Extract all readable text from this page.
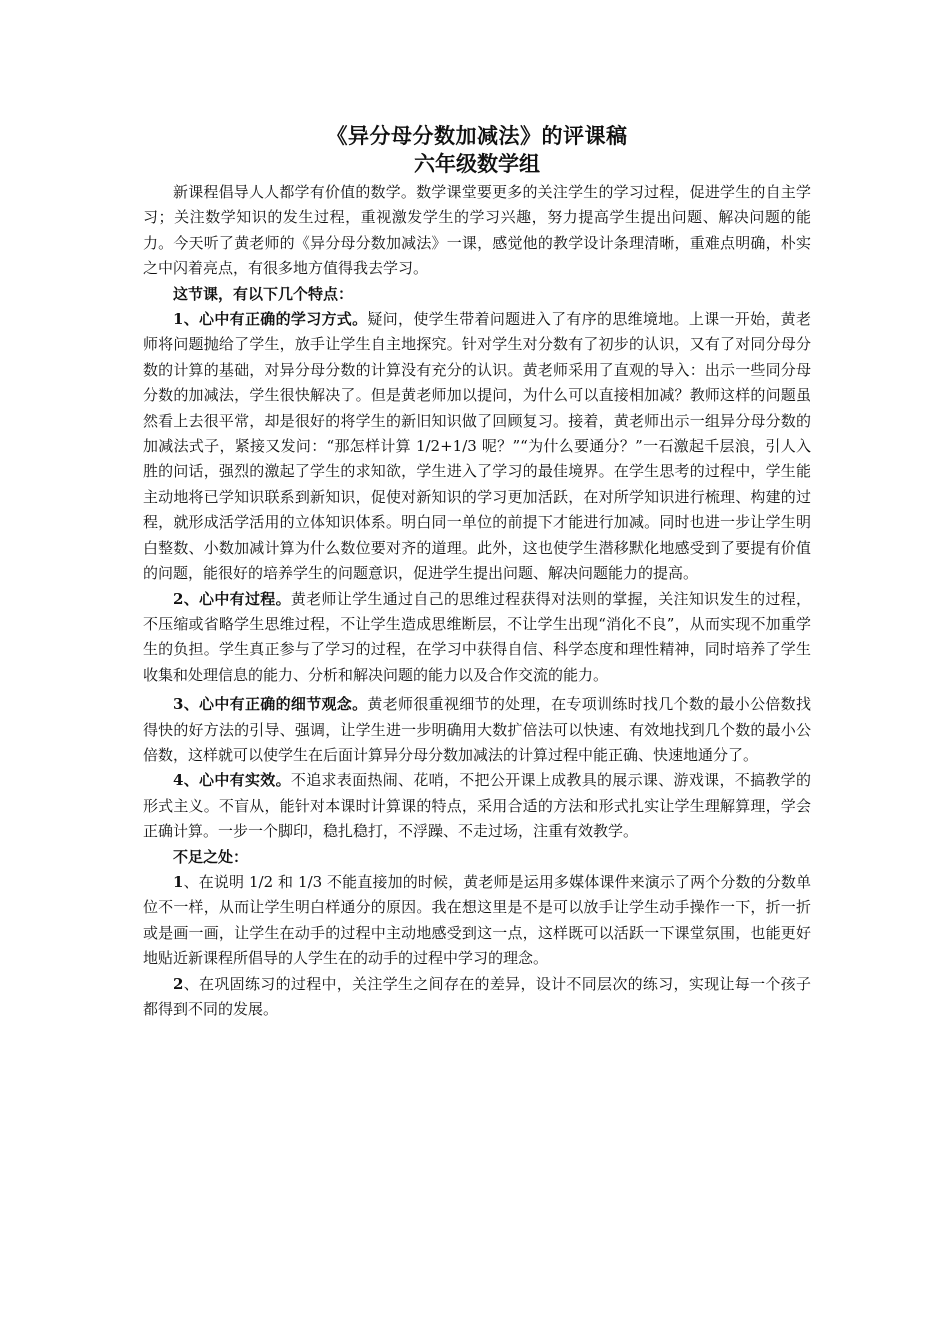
《异分母分数加减法》的评课稿
六年级数学组

新课程倡导人人都学有价值的数学。数学课堂要更多的关注学生的学习过程，促进学生的自主学习；关注数学知识的发生过程，重视激发学生的学习兴趣，努力提高学生提出问题、解决问题的能力。今天听了黄老师的《异分母分数加减法》一课，感觉他的教学设计条理清晰，重难点明确，朴实之中闪着亮点，有很多地方值得我去学习。

这节课，有以下几个特点：

1、心中有正确的学习方式。疑问，使学生带着问题进入了有序的思维境地。上课一开始，黄老师将问题抛给了学生，放手让学生自主地探究。针对学生对分数有了初步的认识，又有了对同分母分数的计算的基础，对异分母分数的计算没有充分的认识。黄老师采用了直观的导入：出示一些同分母分数的加减法，学生很快解决了。但是黄老师加以提问，为什么可以直接相加减？教师这样的问题虽然看上去很平常，却是很好的将学生的新旧知识做了回顾复习。接着，黄老师出示一组异分母分数的加减法式子，紧接又发问：“那怎样计算 1/2+1/3 呢？”“为什么要通分？”一石激起千层浪，引人入胜的问话，强烈的激起了学生的求知欲，学生进入了学习的最佳境界。在学生思考的过程中，学生能主动地将已学知识联系到新知识，促使对新知识的学习更加活跃，在对所学知识进行梳理、构建的过程，就形成活学活用的立体知识体系。明白同一单位的前提下才能进行加减。同时也进一步让学生明白整数、小数加减计算为什么数位要对齐的道理。此外，这也使学生潜移默化地感受到了要提有价值的问题，能很好的培养学生的问题意识，促进学生提出问题、解决问题能力的提高。

2、心中有过程。黄老师让学生通过自己的思维过程获得对法则的掌握，关注知识发生的过程，不压缩或省略学生思维过程，不让学生造成思维断层，不让学生出现“消化不良”，从而实现不加重学生的负担。学生真正参与了学习的过程，在学习中获得自信、科学态度和理性精神，同时培养了学生收集和处理信息的能力、分析和解决问题的能力以及合作交流的能力。

3、心中有正确的细节观念。黄老师很重视细节的处理，在专项训练时找几个数的最小公倍数找得快的好方法的引导、强调，让学生进一步明确用大数扩倍法可以快速、有效地找到几个数的最小公倍数，这样就可以使学生在后面计算异分母分数加减法的计算过程中能正确、快速地通分了。

4、心中有实效。不追求表面热闹、花哨，不把公开课上成教具的展示课、游戏课，不搞教学的形式主义。不盲从，能针对本课时计算课的特点，采用合适的方法和形式扎实让学生理解算理，学会正确计算。一步一个脚印，稳扎稳打，不浮躁、不走过场，注重有效教学。

不足之处：

1、在说明 1/2 和 1/3 不能直接加的时候，黄老师是运用多媒体课件来演示了两个分数的分数单位不一样，从而让学生明白样通分的原因。我在想这里是不是可以放手让学生动手操作一下，折一折或是画一画，让学生在动手的过程中主动地感受到这一点，这样既可以活跃一下课堂氛围，也能更好地贴近新课程所倡导的人学生在的动手的过程中学习的理念。

2、在巩固练习的过程中，关注学生之间存在的差异，设计不同层次的练习，实现让每一个孩子都得到不同的发展。
